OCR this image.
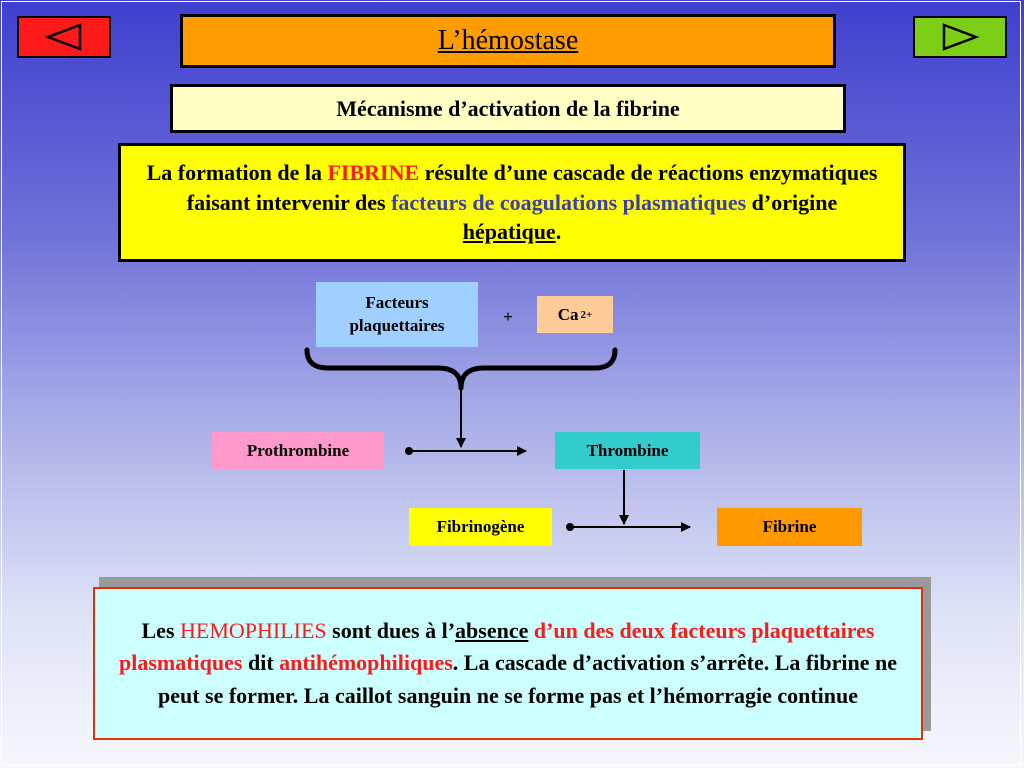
L’hémostase
Mécanisme d’activation de la fibrine

La formation de la FIBRINE résulte d’une cascade de réactions enzymatiques faisant intervenir des facteurs de coagulations plasmatiques d’origine hépatique.

Facteurs
plaquettaires	+	Ca 2+
Prothrombine	Thrombine
Fibrinogène	Fibrine

Les HEMOPHILIES sont dues à l’absence d’un des deux facteurs plaquettaires plasmatiques dit antihémophiliques. La cascade d’activation s’arrête. La fibrine ne peut se former. La caillot sanguin ne se forme pas et l’hémorragie continue
